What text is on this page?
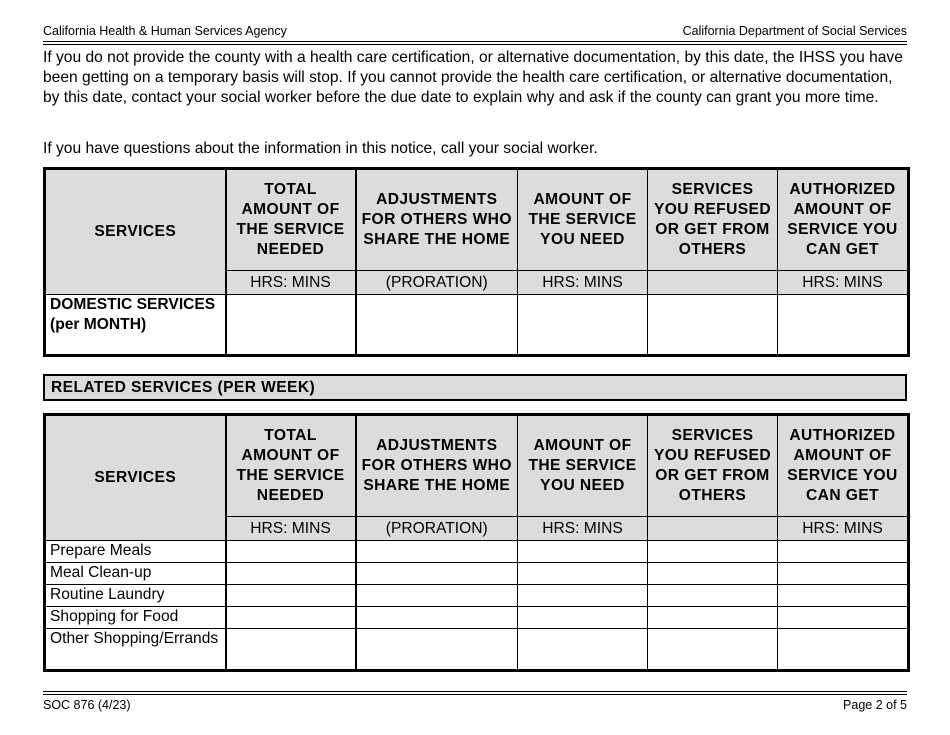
California Health & Human Services Agency	California Department of Social Services

If you do not provide the county with a health care certification, or alternative documentation, by this date, the IHSS you have been getting on a temporary basis will stop. If you cannot provide the health care certification, or alternative documentation, by this date, contact your social worker before the due date to explain why and ask if the county can grant you more time.

If you have questions about the information in this notice, call your social worker.

SERVICES	TOTAL AMOUNT OF THE SERVICE NEEDED	ADJUSTMENTS FOR OTHERS WHO SHARE THE HOME	AMOUNT OF THE SERVICE YOU NEED	SERVICES YOU REFUSED OR GET FROM OTHERS	AUTHORIZED AMOUNT OF SERVICE YOU CAN GET
	HRS: MINS	(PRORATION)	HRS: MINS		HRS: MINS
DOMESTIC SERVICES (per MONTH)					
RELATED SERVICES (PER WEEK)
SERVICES	TOTAL AMOUNT OF THE SERVICE NEEDED	ADJUSTMENTS FOR OTHERS WHO SHARE THE HOME	AMOUNT OF THE SERVICE YOU NEED	SERVICES YOU REFUSED OR GET FROM OTHERS	AUTHORIZED AMOUNT OF SERVICE YOU CAN GET
	HRS: MINS	(PRORATION)	HRS: MINS		HRS: MINS
Prepare Meals					
Meal Clean-up					
Routine Laundry					
Shopping for Food					
Other Shopping/Errands					
SOC 876 (4/23)	Page 2 of 5
